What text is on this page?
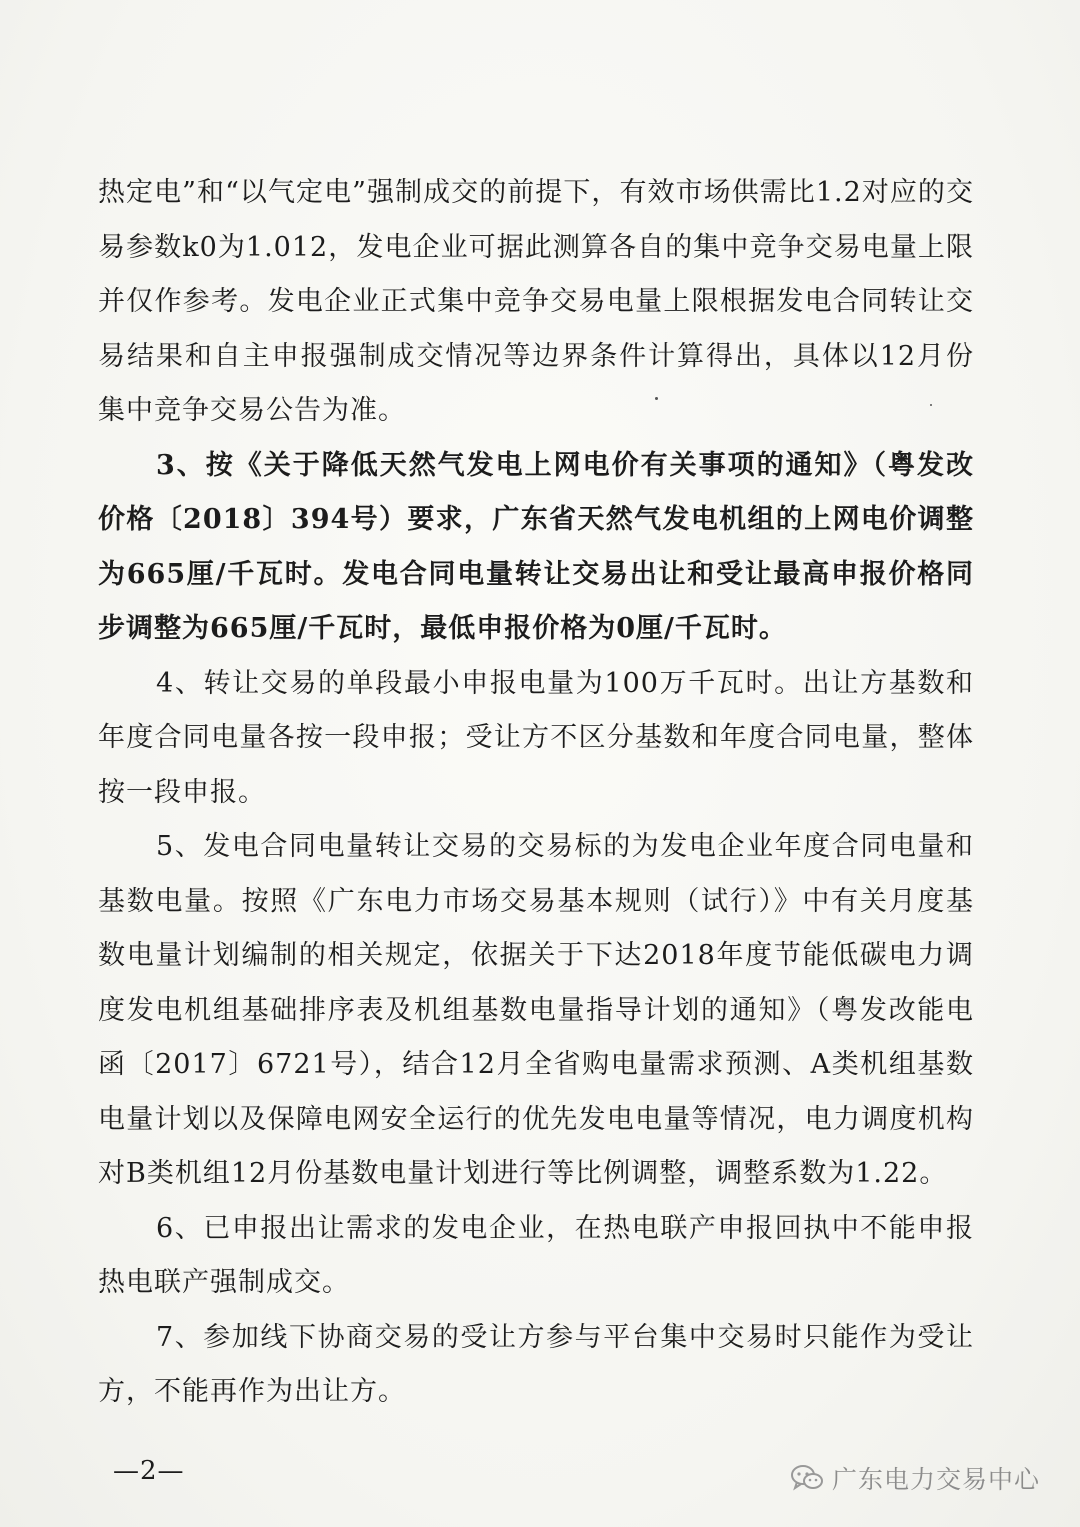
热定电”和“以气定电”强制成交的前提下，有效市场供需比1.2对应的交易参数k0为1.012，发电企业可据此测算各自的集中竞争交易电量上限并仅作参考。发电企业正式集中竞争交易电量上限根据发电合同转让交易结果和自主申报强制成交情况等边界条件计算得出，具体以12月份集中竞争交易公告为准。

3、按《关于降低天然气发电上网电价有关事项的通知》（粤发改价格〔2018〕394号）要求，广东省天然气发电机组的上网电价调整为665厘/千瓦时。发电合同电量转让交易出让和受让最高申报价格同步调整为665厘/千瓦时，最低申报价格为0厘/千瓦时。

4、转让交易的单段最小申报电量为100万千瓦时。出让方基数和年度合同电量各按一段申报；受让方不区分基数和年度合同电量，整体按一段申报。

5、发电合同电量转让交易的交易标的为发电企业年度合同电量和基数电量。按照《广东电力市场交易基本规则（试行）》中有关月度基数电量计划编制的相关规定，依据关于下达2018年度节能低碳电力调度发电机组基础排序表及机组基数电量指导计划的通知》（粤发改能电函〔2017〕6721号），结合12月全省购电量需求预测、A类机组基数电量计划以及保障电网安全运行的优先发电电量等情况，电力调度机构对B类机组12月份基数电量计划进行等比例调整，调整系数为1.22。

6、已申报出让需求的发电企业，在热电联产申报回执中不能申报热电联产强制成交。

7、参加线下协商交易的受让方参与平台集中交易时只能作为受让方，不能再作为出让方。

—2—	广东电力交易中心
